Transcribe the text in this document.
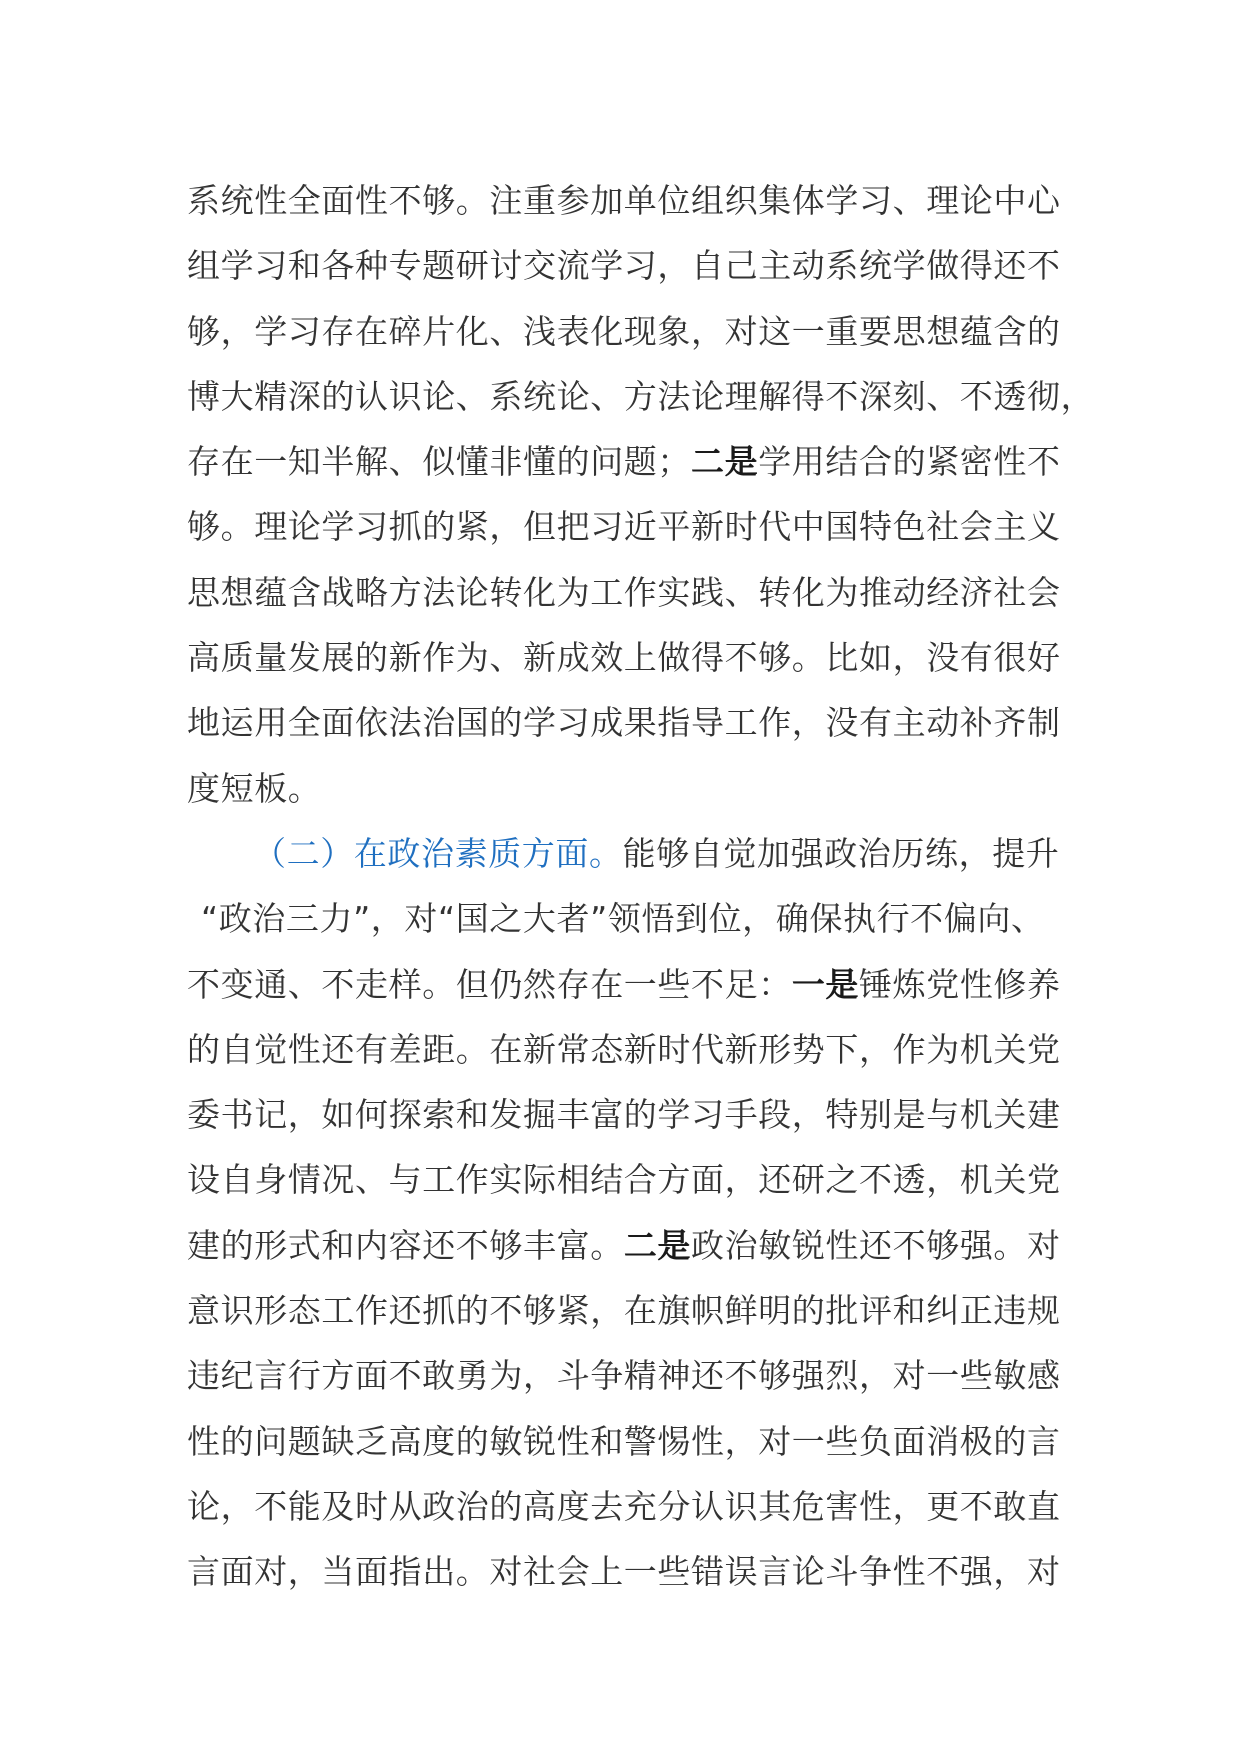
系统性全面性不够。注重参加单位组织集体学习、理论中心
组学习和各种专题研讨交流学习，自己主动系统学做得还不
够，学习存在碎片化、浅表化现象，对这一重要思想蕴含的
博大精深的认识论、系统论、方法论理解得不深刻、不透彻，
存在一知半解、似懂非懂的问题；二是学用结合的紧密性不
够。理论学习抓的紧，但把习近平新时代中国特色社会主义
思想蕴含战略方法论转化为工作实践、转化为推动经济社会
高质量发展的新作为、新成效上做得不够。比如，没有很好
地运用全面依法治国的学习成果指导工作，没有主动补齐制
度短板。
（二）在政治素质方面。能够自觉加强政治历练，提升
“政治三力”，对“国之大者”领悟到位，确保执行不偏向、
不变通、不走样。但仍然存在一些不足：一是锤炼党性修养
的自觉性还有差距。在新常态新时代新形势下，作为机关党
委书记，如何探索和发掘丰富的学习手段，特别是与机关建
设自身情况、与工作实际相结合方面，还研之不透，机关党
建的形式和内容还不够丰富。二是政治敏锐性还不够强。对
意识形态工作还抓的不够紧，在旗帜鲜明的批评和纠正违规
违纪言行方面不敢勇为，斗争精神还不够强烈，对一些敏感
性的问题缺乏高度的敏锐性和警惕性，对一些负面消极的言
论，不能及时从政治的高度去充分认识其危害性，更不敢直
言面对，当面指出。对社会上一些错误言论斗争性不强，对
